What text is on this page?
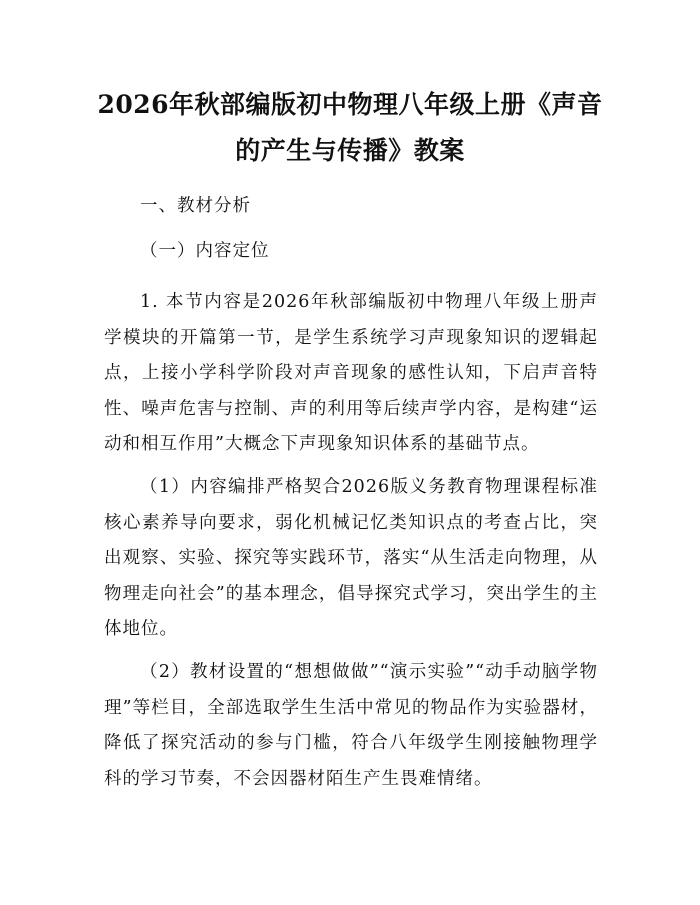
2026年秋部编版初中物理八年级上册《声音的产生与传播》教案
一、教材分析
（一）内容定位
1. 本节内容是2026年秋部编版初中物理八年级上册声学模块的开篇第一节，是学生系统学习声现象知识的逻辑起点，上接小学科学阶段对声音现象的感性认知，下启声音特性、噪声危害与控制、声的利用等后续声学内容，是构建“运动和相互作用”大概念下声现象知识体系的基础节点。
（1）内容编排严格契合2026版义务教育物理课程标准核心素养导向要求，弱化机械记忆类知识点的考查占比，突出观察、实验、探究等实践环节，落实“从生活走向物理，从物理走向社会”的基本理念，倡导探究式学习，突出学生的主体地位。
（2）教材设置的“想想做做”“演示实验”“动手动脑学物理”等栏目，全部选取学生生活中常见的物品作为实验器材，降低了探究活动的参与门槛，符合八年级学生刚接触物理学科的学习节奏，不会因器材陌生产生畏难情绪。
